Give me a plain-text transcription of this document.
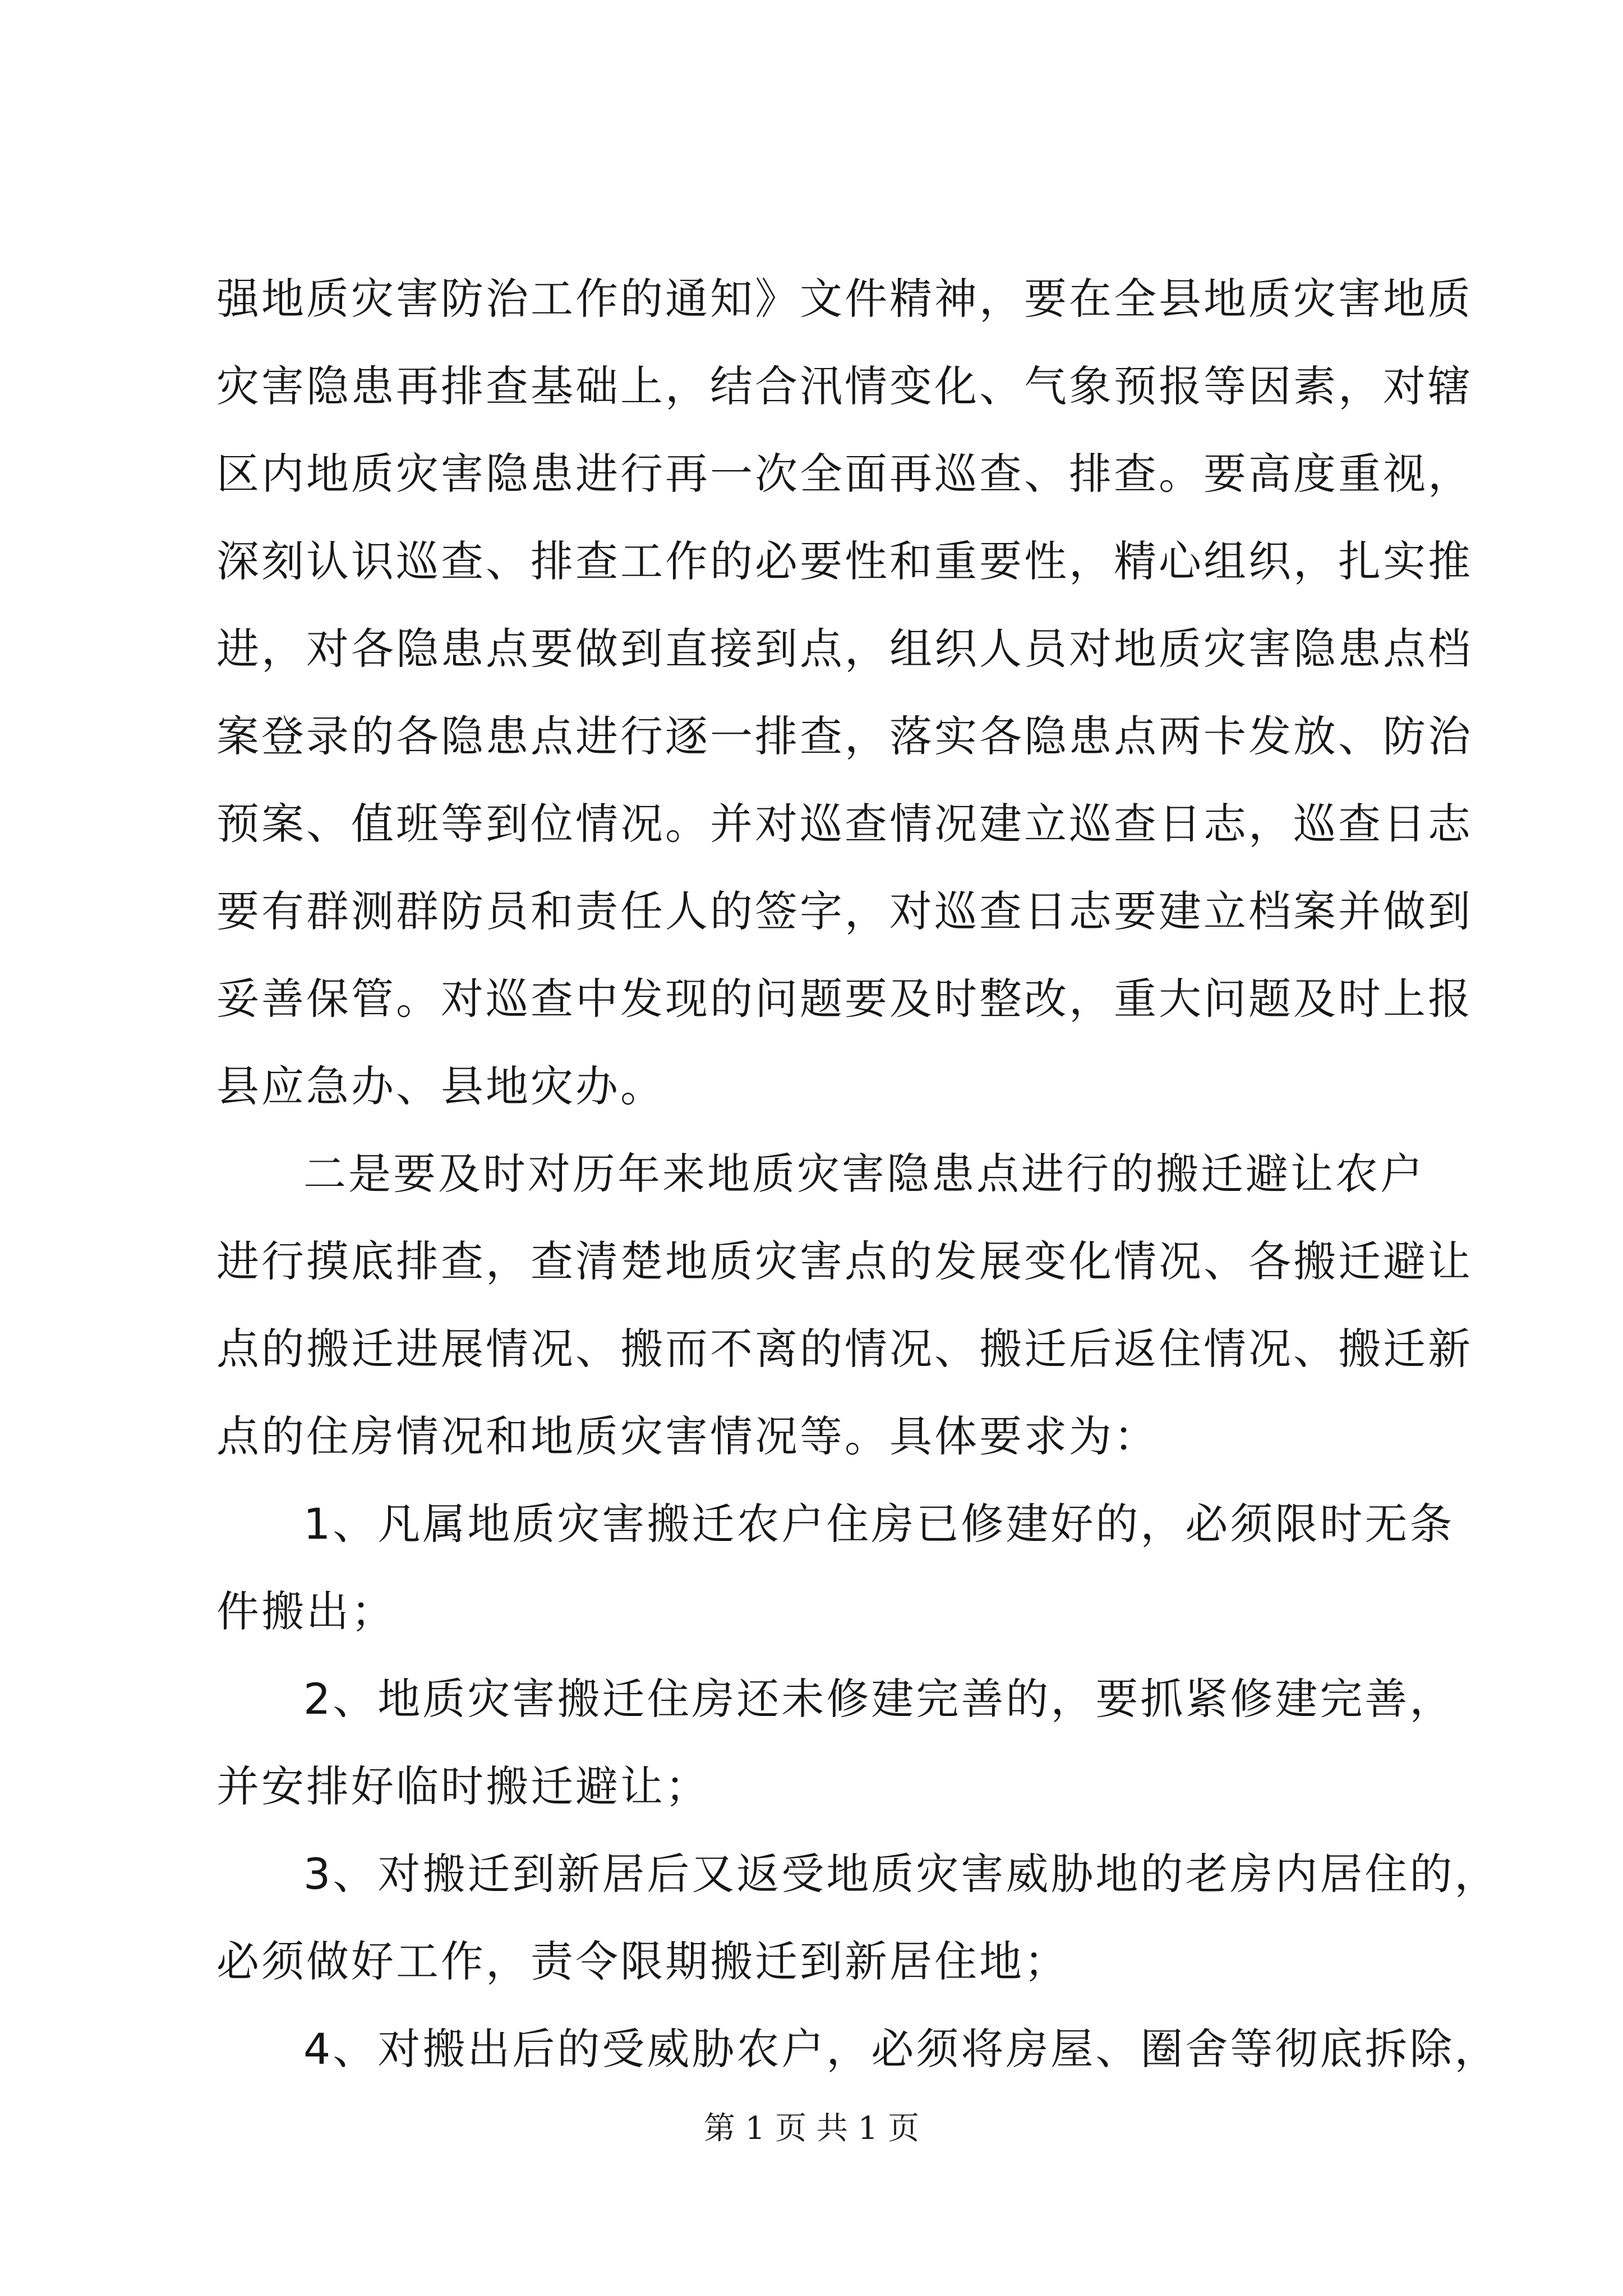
强地质灾害防治工作的通知》文件精神，要在全县地质灾害地质
灾害隐患再排查基础上，结合汛情变化、气象预报等因素，对辖
区内地质灾害隐患进行再一次全面再巡查、排查。要高度重视，
深刻认识巡查、排查工作的必要性和重要性，精心组织，扎实推
进，对各隐患点要做到直接到点，组织人员对地质灾害隐患点档
案登录的各隐患点进行逐一排查，落实各隐患点两卡发放、防治
预案、值班等到位情况。并对巡查情况建立巡查日志，巡查日志
要有群测群防员和责任人的签字，对巡查日志要建立档案并做到
妥善保管。对巡查中发现的问题要及时整改，重大问题及时上报
县应急办、县地灾办。
二是要及时对历年来地质灾害隐患点进行的搬迁避让农户
进行摸底排查，查清楚地质灾害点的发展变化情况、各搬迁避让
点的搬迁进展情况、搬而不离的情况、搬迁后返住情况、搬迁新
点的住房情况和地质灾害情况等。具体要求为：
1、凡属地质灾害搬迁农户住房已修建好的，必须限时无条
件搬出；
2、地质灾害搬迁住房还未修建完善的，要抓紧修建完善，
并安排好临时搬迁避让；
3、对搬迁到新居后又返受地质灾害威胁地的老房内居住的，
必须做好工作，责令限期搬迁到新居住地；
4、对搬出后的受威胁农户，必须将房屋、圈舍等彻底拆除，
第 1 页 共 1 页
